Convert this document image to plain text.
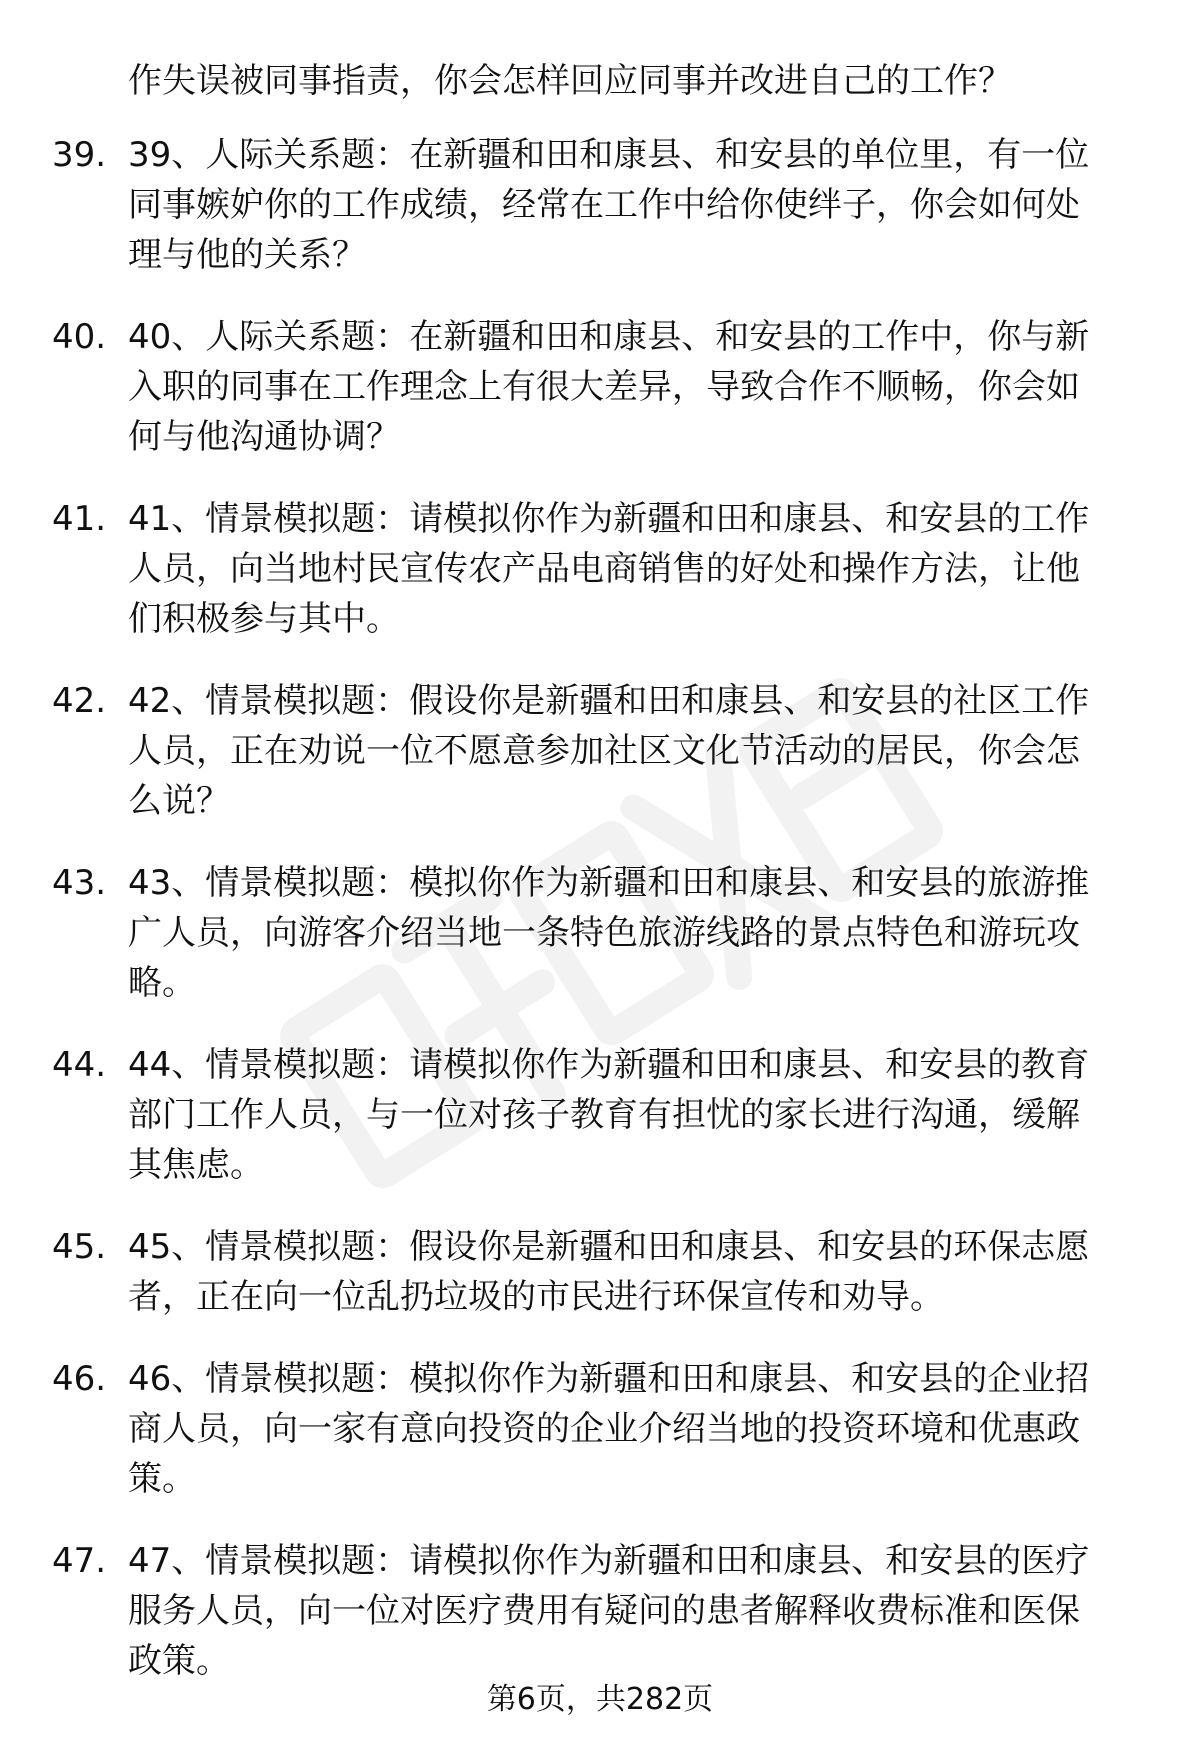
作失误被同事指责，你会怎样回应同事并改进自己的工作？
39. 39、人际关系题：在新疆和田和康县、和安县的单位里，有一位
同事嫉妒你的工作成绩，经常在工作中给你使绊子，你会如何处
理与他的关系？
40. 40、人际关系题：在新疆和田和康县、和安县的工作中，你与新
入职的同事在工作理念上有很大差异，导致合作不顺畅，你会如
何与他沟通协调？
41. 41、情景模拟题：请模拟你作为新疆和田和康县、和安县的工作
人员，向当地村民宣传农产品电商销售的好处和操作方法，让他
们积极参与其中。
42. 42、情景模拟题：假设你是新疆和田和康县、和安县的社区工作
人员，正在劝说一位不愿意参加社区文化节活动的居民，你会怎
么说？
43. 43、情景模拟题：模拟你作为新疆和田和康县、和安县的旅游推
广人员，向游客介绍当地一条特色旅游线路的景点特色和游玩攻
略。
44. 44、情景模拟题：请模拟你作为新疆和田和康县、和安县的教育
部门工作人员，与一位对孩子教育有担忧的家长进行沟通，缓解
其焦虑。
45. 45、情景模拟题：假设你是新疆和田和康县、和安县的环保志愿
者，正在向一位乱扔垃圾的市民进行环保宣传和劝导。
46. 46、情景模拟题：模拟你作为新疆和田和康县、和安县的企业招
商人员，向一家有意向投资的企业介绍当地的投资环境和优惠政
策。
47. 47、情景模拟题：请模拟你作为新疆和田和康县、和安县的医疗
服务人员，向一位对医疗费用有疑问的患者解释收费标准和医保
政策。
第6页，共282页
